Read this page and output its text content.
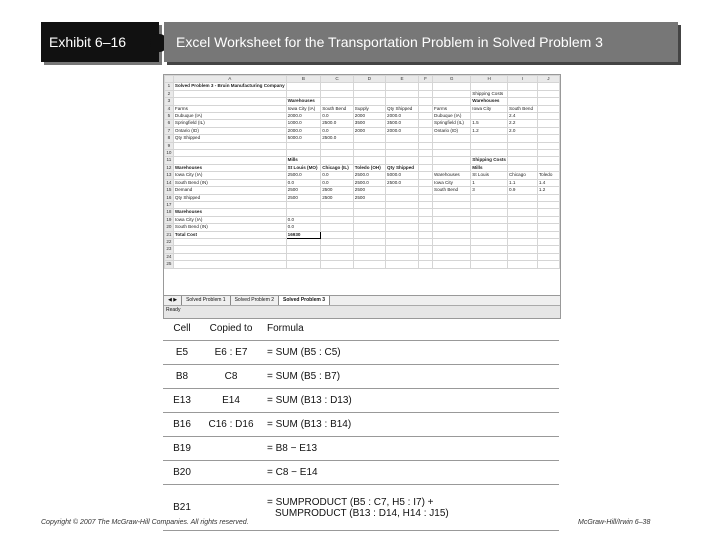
Exhibit 6–16	Excel Worksheet for the Transportation Problem in Solved Problem 3
	A	B	C	D	E	F	G	H	I	J
1	Solved Problem 3 - Bruin Manufacturing Company									
2								Shipping Costs		
3		Warehouses						Warehouses		
4	Farms	Iowa City (IA)	South Bend	Supply	Qty Shipped		Farms	Iowa City	South Bend	
5	Dubuque (IA)	2000.0	0.0	2000	2000.0		Dubuque (IA)		2.4	
6	Springfield (IL)	1000.0	2500.0	3500	3500.0		Springfield (IL)	1.5	2.2	
7	Ontario (ID)	2000.0	0.0	2000	2000.0		Ontario (ID)	1.2	2.0	
8	Qty Shipped	5000.0	2500.0							
9										
10										
11		Mills						Shipping Costs		
12	Warehouses	St Louis (MO)	Chicago (IL)	Toledo (OH)	Qty Shipped			Mills		
13	Iowa City (IA)	2500.0	0.0	2500.0	5000.0		Warehouses	St Louis	Chicago	Toledo
14	South Bend (IN)	0.0	0.0	2500.0	2500.0		Iowa City	1	1.1	1.4
15	Demand	2500	2500	2500			South Bend	3	0.9	1.2
16	Qty Shipped	2500	2500	2500						
17										
18	Warehouses									
19	Iowa City (IA)	0.0								
20	South Bend (IN)	0.0								
21	Total Cost	16930								
22										
23										
24										
25										
◀ ▶ Solved Problem 1 Solved Problem 2 Solved Problem 3
Ready
Cell	Copied to	Formula
E5	E6 : E7	= SUM (B5 : C5)

B8	C8	= SUM (B5 : B7)

E13	E14	= SUM (B13 : D13)

B16	C16 : D16	= SUM (B13 : B14)

B19		= B8 − E13

B20		= C8 − E14

B21		= SUMPRODUCT (B5 : C7, H5 : I7) +
SUMPRODUCT (B13 : D14, H14 : J15)
Copyright © 2007 The McGraw-Hill Companies. All rights reserved.	McGraw-Hill/Irwin 6–38
